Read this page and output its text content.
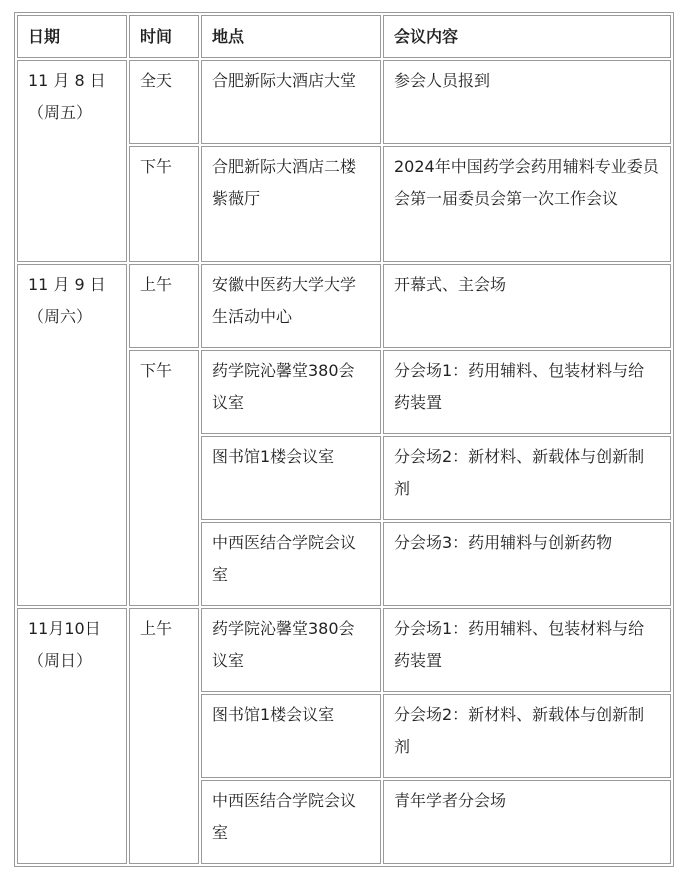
日期	时间	地点	会议内容

11 月 8 日
（周五）	全天	合肥新际大酒店大堂	参会人员报到
	下午	合肥新际大酒店二楼紫薇厅	2024年中国药学会药用辅料专业委员会第一届委员会第一次工作会议

11 月 9 日
（周六）	上午	安徽中医药大学大学生活动中心	开幕式、主会场
	下午	药学院沁馨堂380会议室	分会场1：药用辅料、包装材料与给药装置
		图书馆1楼会议室	分会场2：新材料、新载体与创新制剂
		中西医结合学院会议室	分会场3：药用辅料与创新药物

11月10日
（周日）	上午	药学院沁馨堂380会议室	分会场1：药用辅料、包装材料与给药装置
		图书馆1楼会议室	分会场2：新材料、新载体与创新制剂
		中西医结合学院会议室	青年学者分会场
